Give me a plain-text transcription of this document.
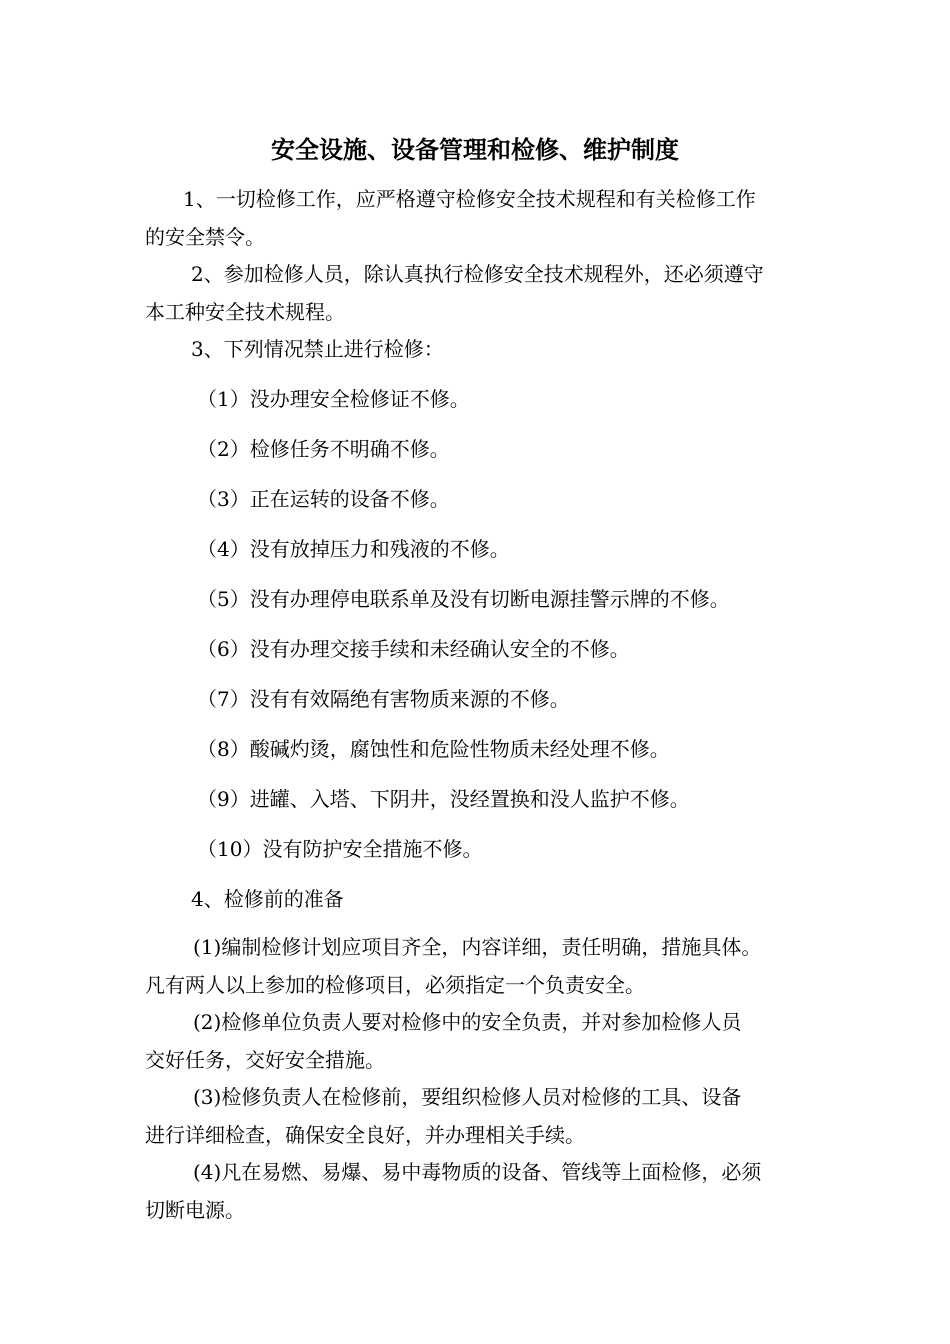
安全设施、设备管理和检修、维护制度
1、一切检修工作，应严格遵守检修安全技术规程和有关检修工作
的安全禁令。
2、参加检修人员，除认真执行检修安全技术规程外，还必须遵守
本工种安全技术规程。
3、下列情况禁止进行检修：
（1）没办理安全检修证不修。
（2）检修任务不明确不修。
（3）正在运转的设备不修。
（4）没有放掉压力和残液的不修。
（5）没有办理停电联系单及没有切断电源挂警示牌的不修。
（6）没有办理交接手续和未经确认安全的不修。
（7）没有有效隔绝有害物质来源的不修。
（8）酸碱灼烫，腐蚀性和危险性物质未经处理不修。
（9）进罐、入塔、下阴井，没经置换和没人监护不修。
（10）没有防护安全措施不修。
4、检修前的准备
(1)编制检修计划应项目齐全，内容详细，责任明确，措施具体。
凡有两人以上参加的检修项目，必须指定一个负责安全。
(2)检修单位负责人要对检修中的安全负责，并对参加检修人员
交好任务，交好安全措施。
(3)检修负责人在检修前，要组织检修人员对检修的工具、设备
进行详细检查，确保安全良好，并办理相关手续。
(4)凡在易燃、易爆、易中毒物质的设备、管线等上面检修，必须
切断电源。
